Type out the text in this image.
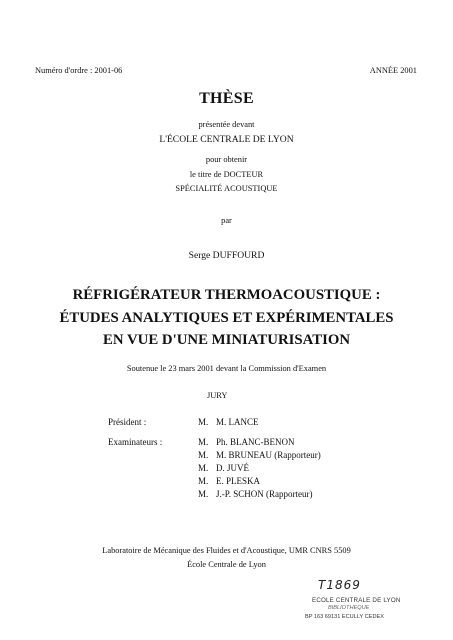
Numéro d'ordre : 2001-06	ANNÉE 2001
THÈSE
présentée devant
L'ÉCOLE CENTRALE DE LYON
pour obtenir
le titre de DOCTEUR
SPÉCIALITÉ ACOUSTIQUE
par
Serge DUFFOURD
RÉFRIGÉRATEUR THERMOACOUSTIQUE :
ÉTUDES ANALYTIQUES ET EXPÉRIMENTALES
EN VUE D'UNE MINIATURISATION
Soutenue le 23 mars 2001 devant la Commission d'Examen
JURY
Président :	M. M. LANCE
Examinateurs :	M. Ph. BLANC-BENON
M. M. BRUNEAU (Rapporteur)
M. D. JUVÉ
M. E. PLESKA
M. J.-P. SCHON (Rapporteur)
Laboratoire de Mécanique des Fluides et d'Acoustique, UMR CNRS 5509
École Centrale de Lyon
T1869
ECOLE CENTRALE DE LYON
BIBLIOTHEQUE
BP 163 69131 ECULLY CEDEX
